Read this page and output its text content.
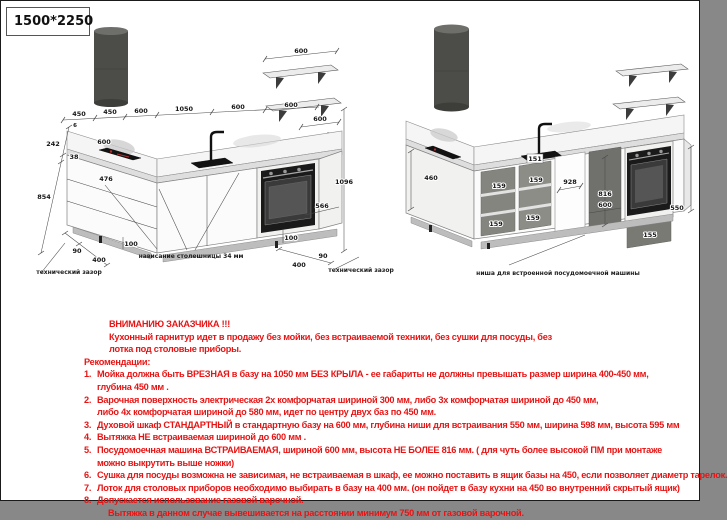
1500*2250
600
450	450	600	1050	600	600
600
6
242
38
854
600
476
100
90
400
технический зазор
нависание столешницы 34 мм
1096
566
100
400
90
технический зазор
460
159
159
159
159
151
928
816
600
155
550
ниша для встроенной посудомоечной машины
ВНИМАНИЮ ЗАКАЗЧИКА !!!
Кухонный гарнитур идет в продажу без мойки, без встраиваемой техники, без сушки для посуды, без
лотка под столовые приборы.
Рекомендации:
1. Мойка должна быть ВРЕЗНАЯ в базу на 1050 мм БЕЗ КРЫЛА - ее габариты не должны превышать размер ширина 400-450 мм,
глубина 450 мм .
2. Варочная поверхность электрическая 2х комфорчатая шириной 300 мм, либо 3х комфорчатая шириной до 450 мм,
либо 4х комфорчатая шириной до 580 мм, идет по центру двух баз по 450 мм.
3. Духовой шкаф СТАНДАРТНЫЙ в стандартную базу на 600 мм, глубина ниши для встраивания 550 мм, ширина 598 мм, высота 595 мм
4. Вытяжка НЕ встраиваемая шириной до 600 мм .
5. Посудомоечная машина ВСТРАИВАЕМАЯ, шириной 600 мм, высота НЕ БОЛЕЕ 816 мм. ( для чуть более высокой ПМ при монтаже
можно выкрутить выше ножки)
6. Сушка для посуды возможна не зависимая, не встраиваемая в шкаф, ее можно поставить в ящик базы на 450, если позволяет диаметр тарелок.
7. Лоток для столовых приборов необходимо выбирать в базу на 400 мм. (он пойдет в базу кухни на 450 во внутренний скрытый ящик)
8. Допускается использование газовой варочной.
Вытяжка в данном случае вывешивается на расстоянии минимум 750 мм от газовой варочной.
